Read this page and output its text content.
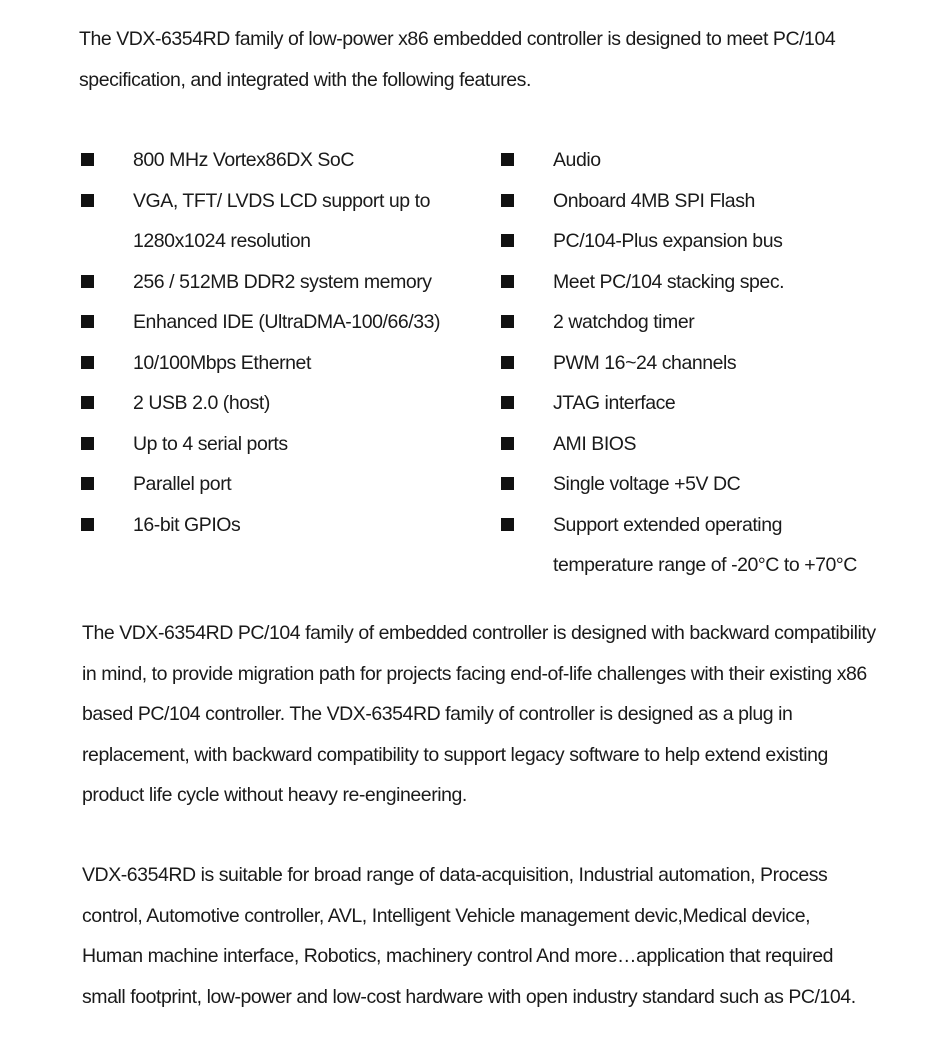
The VDX-6354RD family of low-power x86 embedded controller is designed to meet PC/104
specification, and integrated with the following features.

800 MHz Vortex86DX SoC
VGA, TFT/ LVDS LCD support up to
1280x1024 resolution
256 / 512MB DDR2 system memory
Enhanced IDE (UltraDMA-100/66/33)
10/100Mbps Ethernet
2 USB 2.0 (host)
Up to 4 serial ports
Parallel port
16-bit GPIOs
Audio
Onboard 4MB SPI Flash
PC/104-Plus expansion bus
Meet PC/104 stacking spec.
2 watchdog timer
PWM 16~24 channels
JTAG interface
AMI BIOS
Single voltage +5V DC
Support extended operating
temperature range of -20°C to +70°C

The VDX-6354RD PC/104 family of embedded controller is designed with backward compatibility
in mind, to provide migration path for projects facing end-of-life challenges with their existing x86
based PC/104 controller. The VDX-6354RD family of controller is designed as a plug in
replacement, with backward compatibility to support legacy software to help extend existing
product life cycle without heavy re-engineering.

VDX-6354RD is suitable for broad range of data-acquisition, Industrial automation, Process
control, Automotive controller, AVL, Intelligent Vehicle management devic,Medical device,
Human machine interface, Robotics, machinery control And more…application that required
small footprint, low-power and low-cost hardware with open industry standard such as PC/104.
